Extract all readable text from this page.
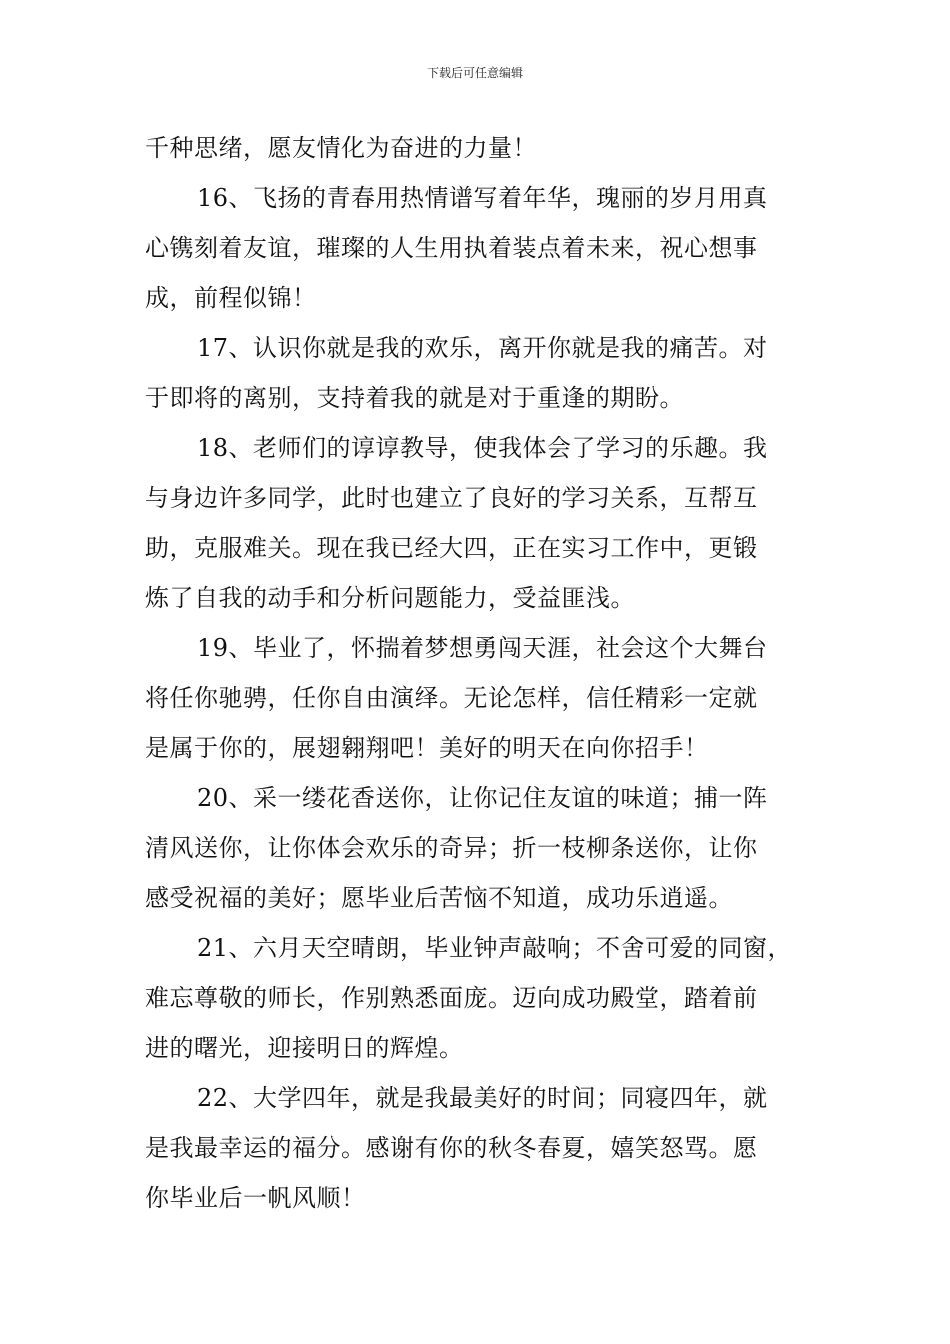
下载后可任意编辑
千种思绪，愿友情化为奋进的力量！
16、飞扬的青春用热情谱写着年华，瑰丽的岁月用真
心镌刻着友谊，璀璨的人生用执着装点着未来，祝心想事
成，前程似锦！
17、认识你就是我的欢乐，离开你就是我的痛苦。对
于即将的离别，支持着我的就是对于重逢的期盼。
18、老师们的谆谆教导，使我体会了学习的乐趣。我
与身边许多同学，此时也建立了良好的学习关系，互帮互
助，克服难关。现在我已经大四，正在实习工作中，更锻
炼了自我的动手和分析问题能力，受益匪浅。
19、毕业了，怀揣着梦想勇闯天涯，社会这个大舞台
将任你驰骋，任你自由演绎。无论怎样，信任精彩一定就
是属于你的，展翅翱翔吧！美好的明天在向你招手！
20、采一缕花香送你，让你记住友谊的味道；捕一阵
清风送你，让你体会欢乐的奇异；折一枝柳条送你，让你
感受祝福的美好；愿毕业后苦恼不知道，成功乐逍遥。
21、六月天空晴朗，毕业钟声敲响；不舍可爱的同窗，
难忘尊敬的师长，作别熟悉面庞。迈向成功殿堂，踏着前
进的曙光，迎接明日的辉煌。
22、大学四年，就是我最美好的时间；同寝四年，就
是我最幸运的福分。感谢有你的秋冬春夏，嬉笑怒骂。愿
你毕业后一帆风顺！
